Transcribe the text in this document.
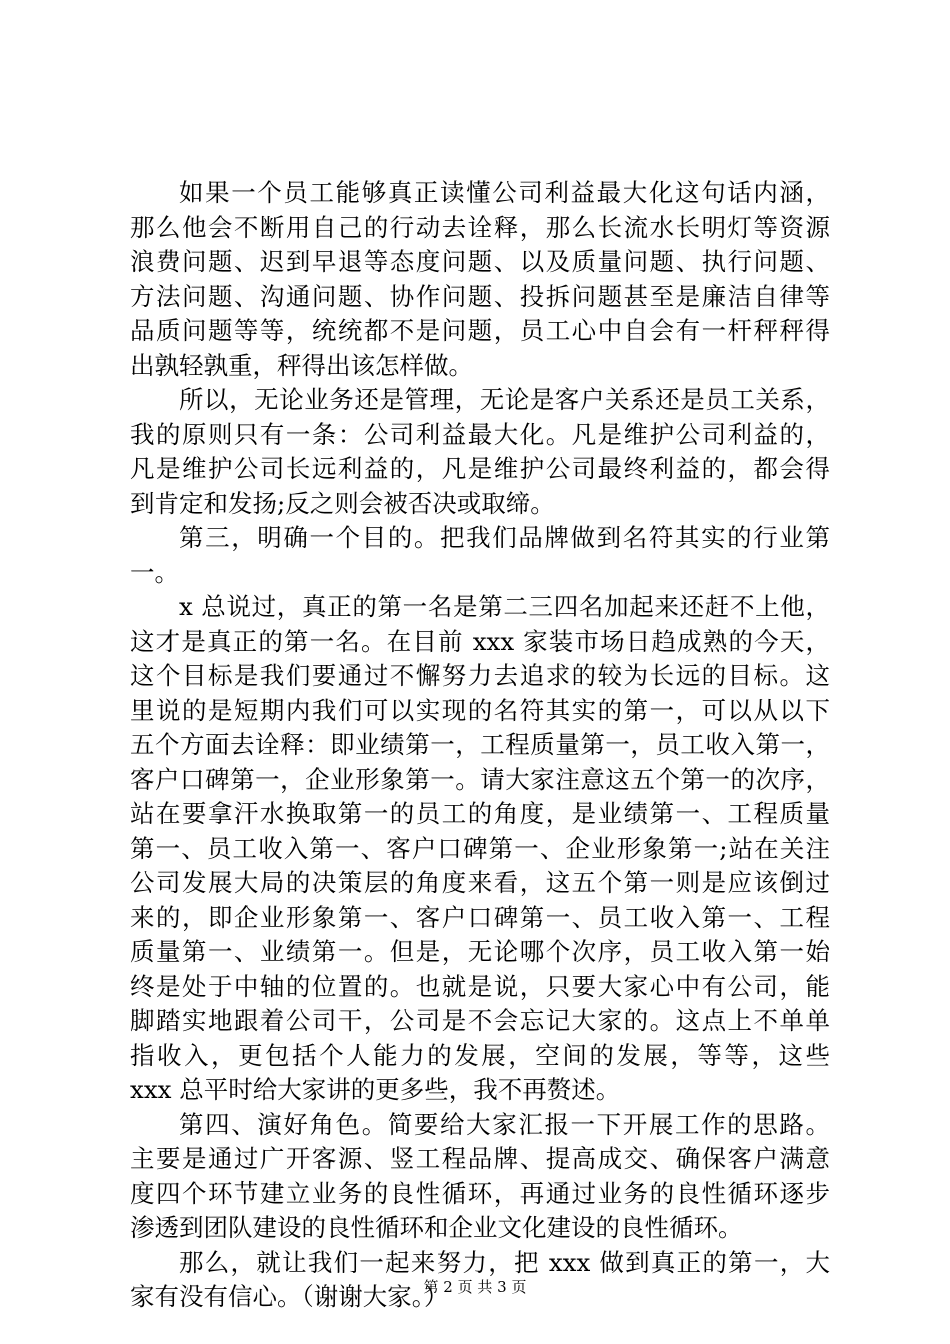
如果一个员工能够真正读懂公司利益最大化这句话内涵，
那么他会不断用自己的行动去诠释，那么长流水长明灯等资源
浪费问题、迟到早退等态度问题、以及质量问题、执行问题、
方法问题、沟通问题、协作问题、投拆问题甚至是廉洁自律等
品质问题等等，统统都不是问题，员工心中自会有一杆秤秤得
出孰轻孰重，秤得出该怎样做。
所以，无论业务还是管理，无论是客户关系还是员工关系，
我的原则只有一条：公司利益最大化。凡是维护公司利益的，
凡是维护公司长远利益的，凡是维护公司最终利益的，都会得
到肯定和发扬;反之则会被否决或取缔。
第三，明确一个目的。把我们品牌做到名符其实的行业第
一。
x 总说过，真正的第一名是第二三四名加起来还赶不上他，
这才是真正的第一名。在目前 xxx 家装市场日趋成熟的今天，
这个目标是我们要通过不懈努力去追求的较为长远的目标。这
里说的是短期内我们可以实现的名符其实的第一，可以从以下
五个方面去诠释：即业绩第一，工程质量第一，员工收入第一，
客户口碑第一，企业形象第一。请大家注意这五个第一的次序，
站在要拿汗水换取第一的员工的角度，是业绩第一、工程质量
第一、员工收入第一、客户口碑第一、企业形象第一;站在关注
公司发展大局的决策层的角度来看，这五个第一则是应该倒过
来的，即企业形象第一、客户口碑第一、员工收入第一、工程
质量第一、业绩第一。但是，无论哪个次序，员工收入第一始
终是处于中轴的位置的。也就是说，只要大家心中有公司，能
脚踏实地跟着公司干，公司是不会忘记大家的。这点上不单单
指收入，更包括个人能力的发展，空间的发展，等等，这些
xxx 总平时给大家讲的更多些，我不再赘述。
第四、演好角色。简要给大家汇报一下开展工作的思路。
主要是通过广开客源、竖工程品牌、提高成交、确保客户满意
度四个环节建立业务的良性循环，再通过业务的良性循环逐步
渗透到团队建设的良性循环和企业文化建设的良性循环。
那么，就让我们一起来努力，把 xxx 做到真正的第一，大
家有没有信心。（谢谢大家。）
第 2 页 共 3 页
